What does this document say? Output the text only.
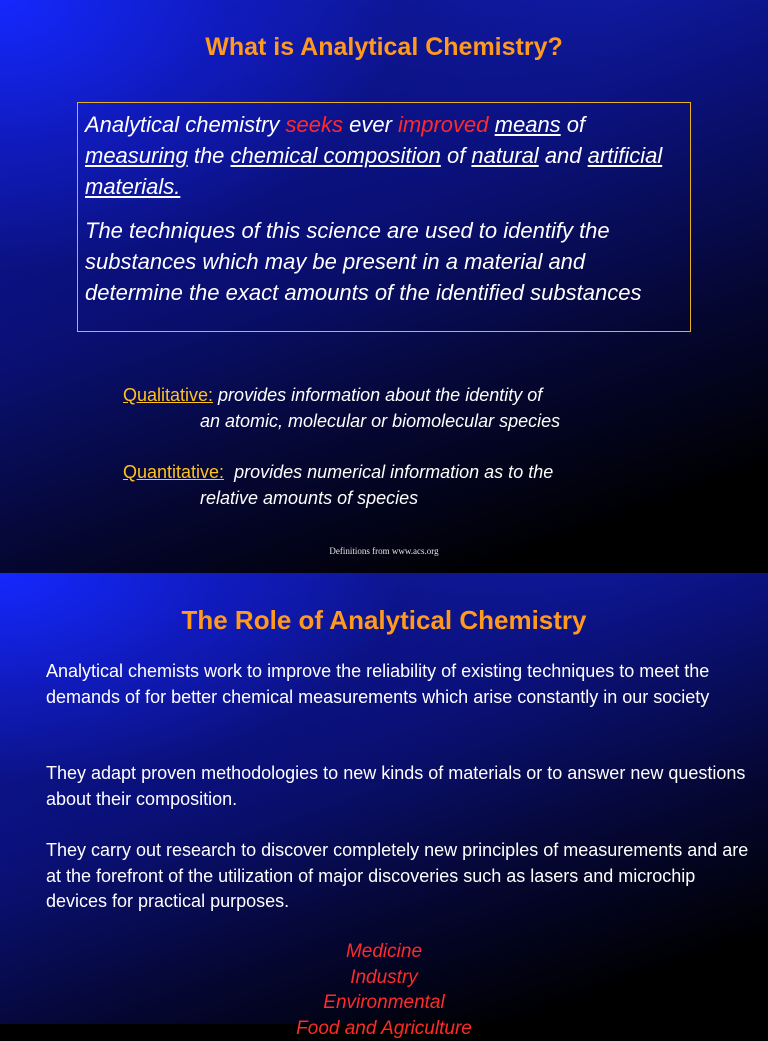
What is Analytical Chemistry?

Analytical chemistry seeks ever improved means of measuring the chemical composition of natural and artificial materials.

The techniques of this science are used to identify the substances which may be present in a material and determine the exact amounts of the identified substances

Qualitative: provides information about the identity of
an atomic, molecular or biomolecular species
Quantitative:  provides numerical information as to the
relative amounts of species
Definitions from www.acs.org
The Role of Analytical Chemistry

Analytical chemists work to improve the reliability of existing techniques to meet the demands of for better chemical measurements which arise constantly in our society

They adapt proven methodologies to new kinds of materials or to answer new questions about their composition.

They carry out research to discover completely new principles of measurements and are at the forefront of the utilization of major discoveries such as lasers and microchip devices for practical purposes.

Medicine
Industry
Environmental
Food and Agriculture
